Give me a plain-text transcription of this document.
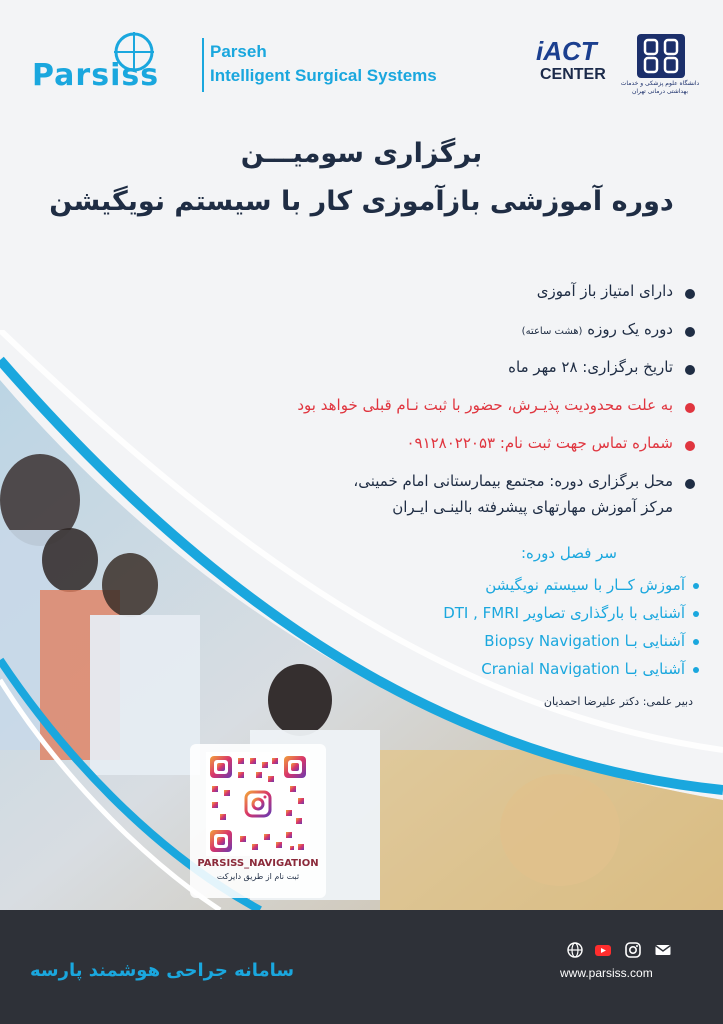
Parsiss
Parseh
Intelligent Surgical Systems
iACT
CENTER
دانشگاه علوم پزشکی و خدمات بهداشتی درمانی تهران
برگزاری سومیـــن
دوره آموزشی بازآموزی کار با سیستم نویگیشن
دارای امتیاز باز آموزی
دوره یک روزه (هشت ساعته)
تاریخ برگزاری: ۲۸ مهر ماه
به علت محدودیت پذیـرش، حضور با ثبت نـام قبلی خواهد بود
شماره تماس جهت ثبت نام: ۰۹۱۲۸۰۲۲۰۵۳
محل برگزاری دوره: مجتمع بیمارستانی امام خمینی،
مرکز آموزش مهارتهای پیشرفته بالینـی ایـران
سر فصل دوره:
آموزش کــار با سیستم نویگیشن
آشنایی با بارگذاری تصاویر DTI , FMRI
آشنایی بـا Biopsy Navigation
آشنایی بـا Cranial Navigation
دبیر علمی: دکتر علیرضا احمدیان
PARSISS_NAVIGATION
ثبت نام از طریق دایرکت
سامانه جراحی هوشمند پارسه	www.parsiss.com
